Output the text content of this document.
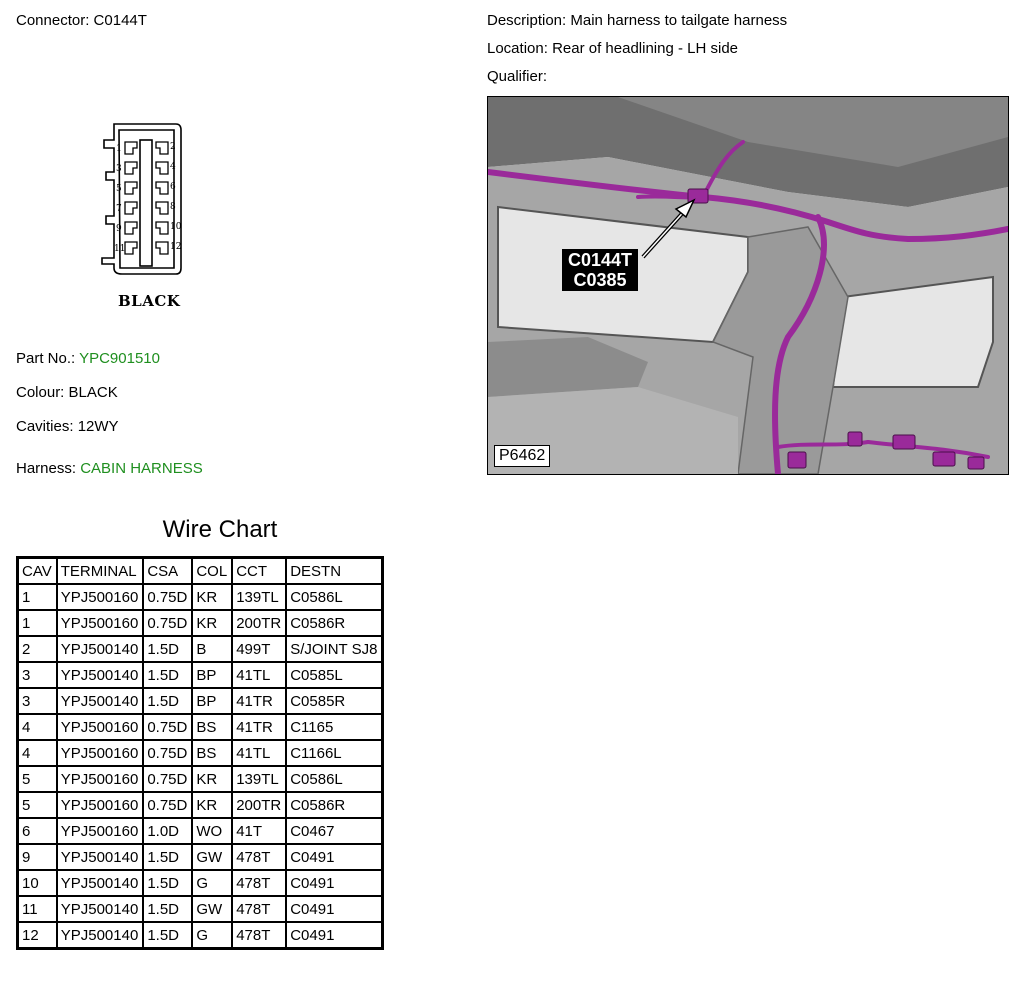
Connector: C0144T	Description: Main harness to tailgate harness
Location: Rear of headlining - LH side
Qualifier:
1
3
5
7
9
11
2
4
6
8
10
12
BLACK
Part No.: YPC901510
Colour: BLACK
Cavities: 12WY
Harness: CABIN HARNESS
C0144T
C0385
P6462
Wire Chart
CAV	TERMINAL	CSA	COL	CCT	DESTN
1	YPJ500160	0.75D	KR	139TL	C0586L
1	YPJ500160	0.75D	KR	200TR	C0586R
2	YPJ500140	1.5D	B	499T	S/JOINT SJ8
3	YPJ500140	1.5D	BP	41TL	C0585L
3	YPJ500140	1.5D	BP	41TR	C0585R
4	YPJ500160	0.75D	BS	41TR	C1165
4	YPJ500160	0.75D	BS	41TL	C1166L
5	YPJ500160	0.75D	KR	139TL	C0586L
5	YPJ500160	0.75D	KR	200TR	C0586R
6	YPJ500160	1.0D	WO	41T	C0467
9	YPJ500140	1.5D	GW	478T	C0491
10	YPJ500140	1.5D	G	478T	C0491
11	YPJ500140	1.5D	GW	478T	C0491
12	YPJ500140	1.5D	G	478T	C0491
